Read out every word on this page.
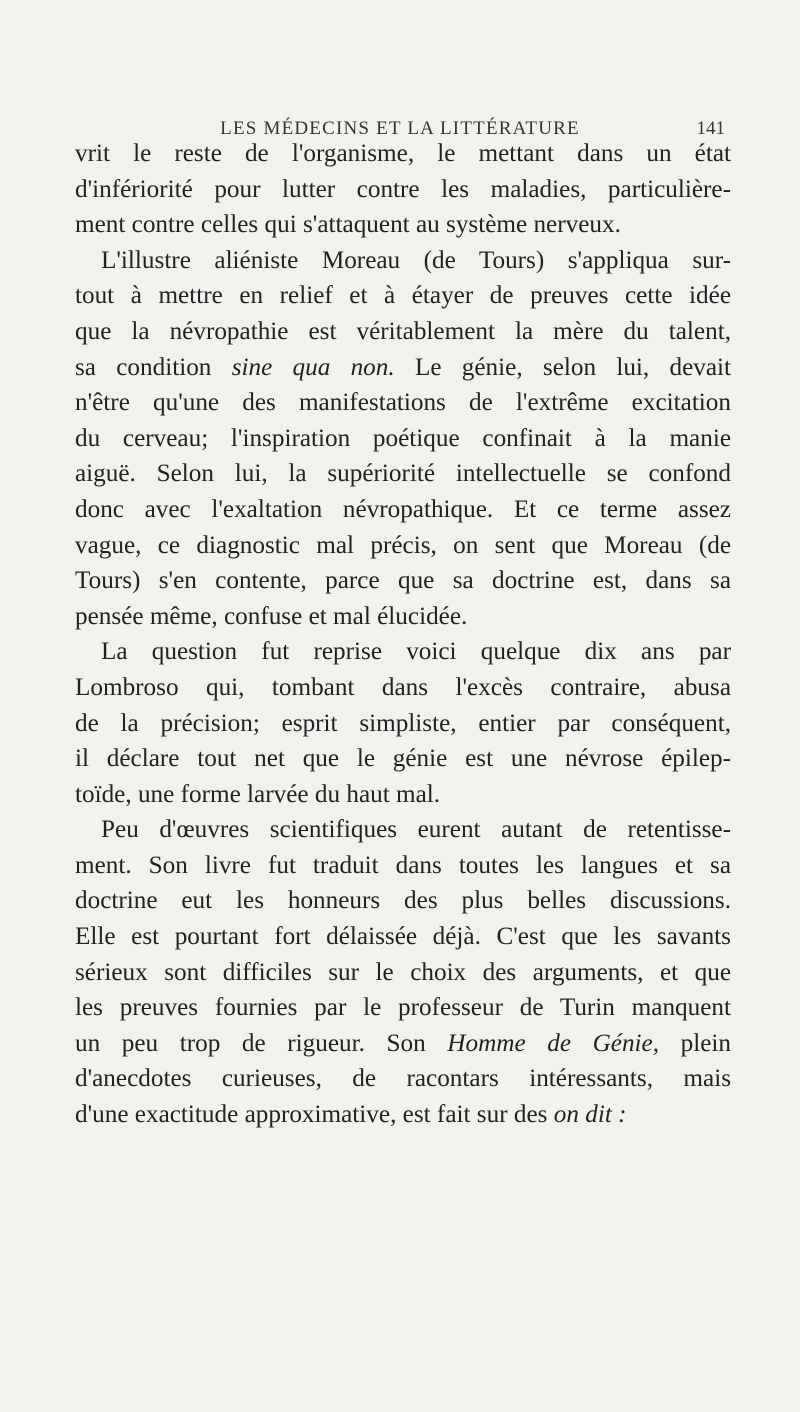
LES MÉDECINS ET LA LITTÉRATURE	141

vrit le reste de l'organisme, le mettant dans un état
d'infériorité pour lutter contre les maladies, particulière-
ment contre celles qui s'attaquent au système nerveux.

L'illustre aliéniste Moreau (de Tours) s'appliqua sur-
tout à mettre en relief et à étayer de preuves cette idée
que la névropathie est véritablement la mère du talent,
sa condition sine qua non. Le génie, selon lui, devait
n'être qu'une des manifestations de l'extrême excitation
du cerveau; l'inspiration poétique confinait à la manie
aiguë. Selon lui, la supériorité intellectuelle se confond
donc avec l'exaltation névropathique. Et ce terme assez
vague, ce diagnostic mal précis, on sent que Moreau (de
Tours) s'en contente, parce que sa doctrine est, dans sa
pensée même, confuse et mal élucidée.

La question fut reprise voici quelque dix ans par
Lombroso qui, tombant dans l'excès contraire, abusa
de la précision; esprit simpliste, entier par conséquent,
il déclare tout net que le génie est une névrose épilep-
toïde, une forme larvée du haut mal.

Peu d'œuvres scientifiques eurent autant de retentisse-
ment. Son livre fut traduit dans toutes les langues et sa
doctrine eut les honneurs des plus belles discussions.
Elle est pourtant fort délaissée déjà. C'est que les savants
sérieux sont difficiles sur le choix des arguments, et que
les preuves fournies par le professeur de Turin manquent
un peu trop de rigueur. Son Homme de Génie, plein
d'anecdotes curieuses, de racontars intéressants, mais
d'une exactitude approximative, est fait sur des on dit :
